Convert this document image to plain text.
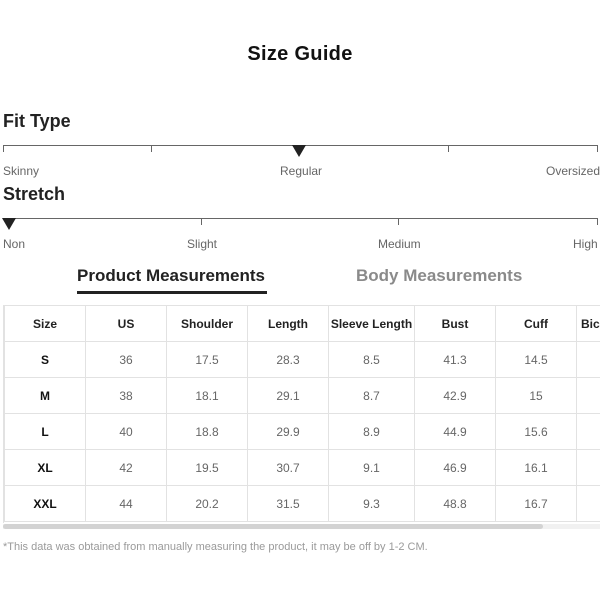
Size Guide
Fit Type
Skinny	Regular	Oversized
Stretch
Non	Slight	Medium	High
Product Measurements	Body Measurements
Size	US	Shoulder	Length	Sleeve Length	Bust	Cuff	Bic
S	36	17.5	28.3	8.5	41.3	14.5	
M	38	18.1	29.1	8.7	42.9	15	
L	40	18.8	29.9	8.9	44.9	15.6	
XL	42	19.5	30.7	9.1	46.9	16.1	
XXL	44	20.2	31.5	9.3	48.8	16.7	
*This data was obtained from manually measuring the product, it may be off by 1-2 CM.
